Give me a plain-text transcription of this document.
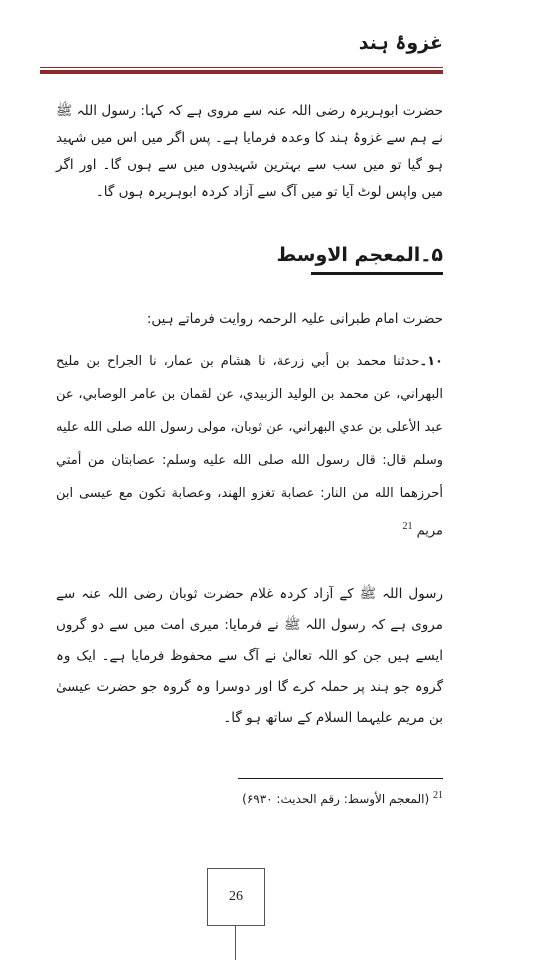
غزوۂ ہند
حضرت ابوہریرہ رضی اللہ عنہ سے مروی ہے کہ کہا: رسول اللہ ﷺ نے ہم سے غزوۂ ہند کا وعدہ فرمایا ہے۔ پس اگر میں اس میں شہید ہو گیا تو میں سب سے بہترین شہیدوں میں سے ہوں گا۔ اور اگر میں واپس لوٹ آیا تو میں آگ سے آزاد کردہ ابوہریرہ ہوں گا۔
۵۔المعجم الاوسط
حضرت امام طبرانی علیہ الرحمہ روایت فرماتے ہیں:
۱۰۔حدثنا محمد بن أبي زرعة، نا هشام بن عمار، نا الجراح بن مليح البهراني، عن محمد بن الوليد الزبيدي، عن لقمان بن عامر الوصابي، عن عبد الأعلى بن عدي البهراني، عن ثوبان، مولى رسول الله صلى الله عليه وسلم قال: قال رسول الله صلى الله عليه وسلم: عصابتان من أمتي أحرزهما الله من النار: عصابة تغزو الهند، وعصابة تكون مع عيسى ابن مريم $^{21}$
رسول اللہ ﷺ کے آزاد کردہ غلام حضرت ثوبان رضی اللہ عنہ سے مروی ہے کہ رسول اللہ ﷺ نے فرمایا: میری امت میں سے دو گروں ایسے ہیں جن کو اللہ تعالیٰ نے آگ سے محفوظ فرمایا ہے۔ ایک وہ گروہ جو ہند پر حملہ کرے گا اور دوسرا وہ گروہ جو حضرت عیسیٰ بن مریم علیہما السلام کے ساتھ ہو گا۔
$^{21}$ (المعجم الأوسط: رقم الحدیث: ۶۹۳۰)
26
